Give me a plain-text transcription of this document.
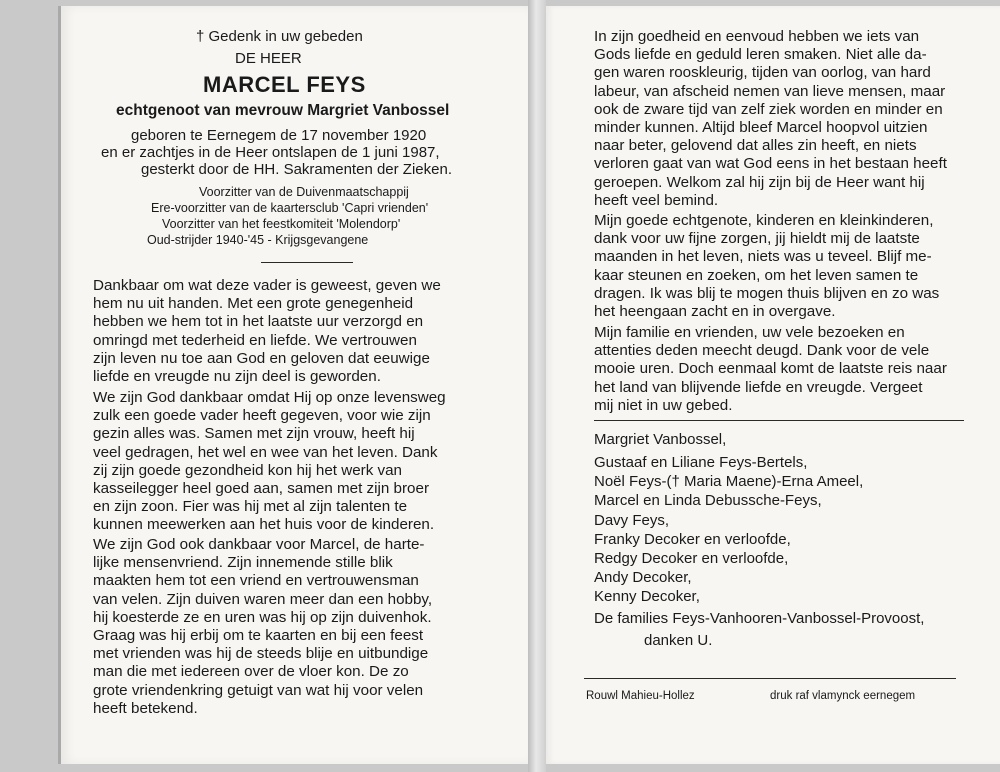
† Gedenk in uw gebeden
DE HEER
MARCEL FEYS
echtgenoot van mevrouw Margriet Vanbossel
geboren te Eernegem de 17 november 1920
en er zachtjes in de Heer ontslapen de 1 juni 1987,
gesterkt door de HH. Sakramenten der Zieken.
Voorzitter van de Duivenmaatschappij
Ere-voorzitter van de kaartersclub 'Capri vrienden'
Voorzitter van het feestkomiteit 'Molendorp'
Oud-strijder 1940-'45 - Krijgsgevangene
Dankbaar om wat deze vader is geweest, geven we
hem nu uit handen. Met een grote genegenheid
hebben we hem tot in het laatste uur verzorgd en
omringd met tederheid en liefde. We vertrouwen
zijn leven nu toe aan God en geloven dat eeuwige
liefde en vreugde nu zijn deel is geworden.
We zijn God dankbaar omdat Hij op onze levensweg
zulk een goede vader heeft gegeven, voor wie zijn
gezin alles was. Samen met zijn vrouw, heeft hij
veel gedragen, het wel en wee van het leven. Dank
zij zijn goede gezondheid kon hij het werk van
kasseilegger heel goed aan, samen met zijn broer
en zijn zoon. Fier was hij met al zijn talenten te
kunnen meewerken aan het huis voor de kinderen.
We zijn God ook dankbaar voor Marcel, de harte-
lijke mensenvriend. Zijn innemende stille blik
maakten hem tot een vriend en vertrouwensman
van velen. Zijn duiven waren meer dan een hobby,
hij koesterde ze en uren was hij op zijn duivenhok.
Graag was hij erbij om te kaarten en bij een feest
met vrienden was hij de steeds blije en uitbundige
man die met iedereen over de vloer kon. De zo
grote vriendenkring getuigt van wat hij voor velen
heeft betekend.
In zijn goedheid en eenvoud hebben we iets van
Gods liefde en geduld leren smaken. Niet alle da-
gen waren rooskleurig, tijden van oorlog, van hard
labeur, van afscheid nemen van lieve mensen, maar
ook de zware tijd van zelf ziek worden en minder en
minder kunnen. Altijd bleef Marcel hoopvol uitzien
naar beter, gelovend dat alles zin heeft, en niets
verloren gaat van wat God eens in het bestaan heeft
geroepen. Welkom zal hij zijn bij de Heer want hij
heeft veel bemind.
Mijn goede echtgenote, kinderen en kleinkinderen,
dank voor uw fijne zorgen, jij hieldt mij de laatste
maanden in het leven, niets was u teveel. Blijf me-
kaar steunen en zoeken, om het leven samen te
dragen. Ik was blij te mogen thuis blijven en zo was
het heengaan zacht en in overgave.
Mijn familie en vrienden, uw vele bezoeken en
attenties deden meecht deugd. Dank voor de vele
mooie uren. Doch eenmaal komt de laatste reis naar
het land van blijvende liefde en vreugde. Vergeet
mij niet in uw gebed.
Margriet Vanbossel,
Gustaaf en Liliane Feys-Bertels,
Noël Feys-(† Maria Maene)-Erna Ameel,
Marcel en Linda Debussche-Feys,
Davy Feys,
Franky Decoker en verloofde,
Redgy Decoker en verloofde,
Andy Decoker,
Kenny Decoker,
De families Feys-Vanhooren-Vanbossel-Provoost,
danken U.
Rouwl Mahieu-Hollez	druk raf vlamynck eernegem
